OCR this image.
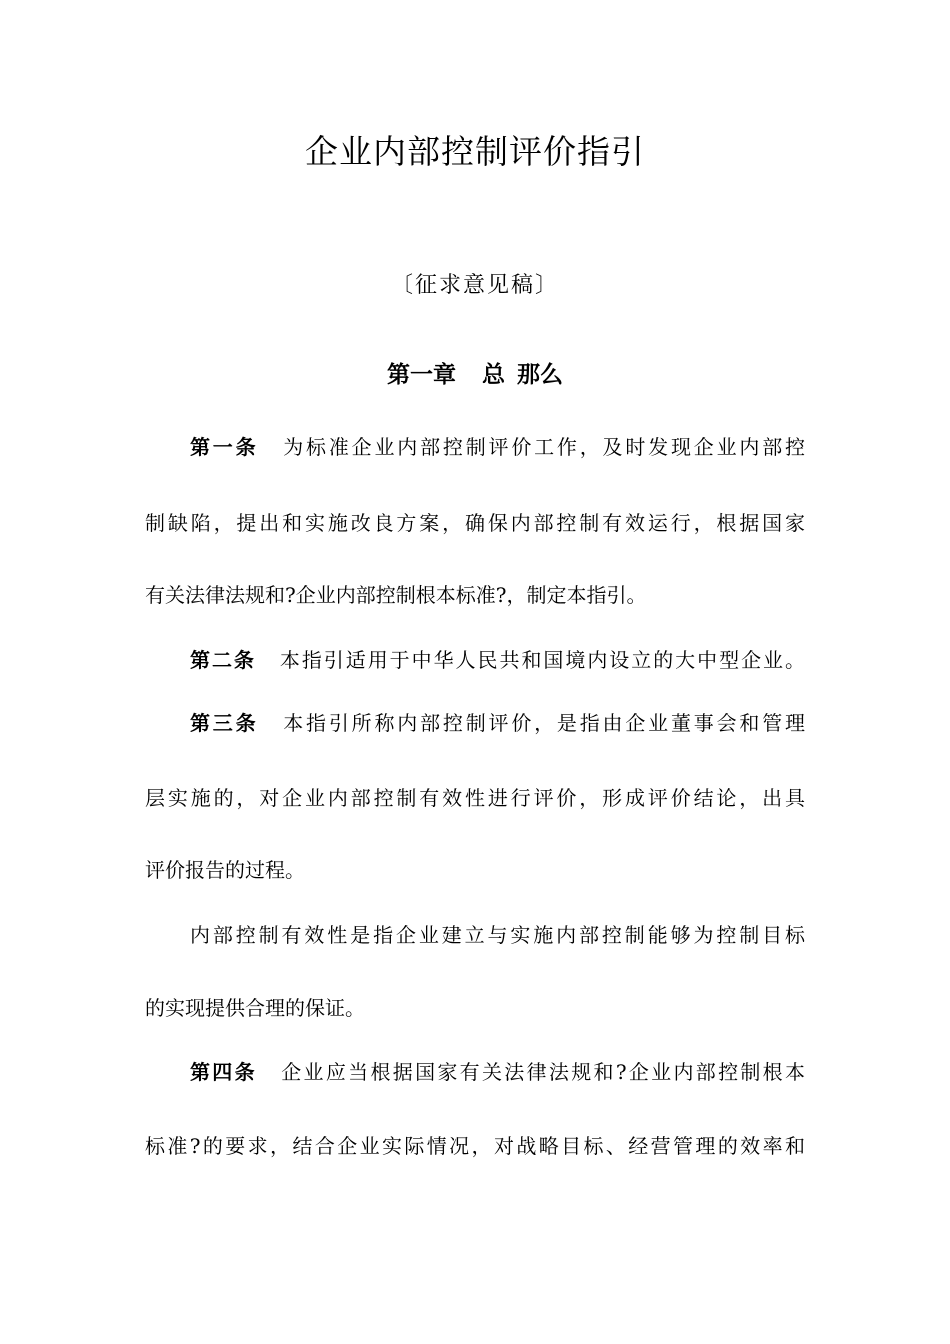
企业内部控制评价指引

〔征求意见稿〕

第一章 总 那么

第一条 为标准企业内部控制评价工作，及时发现企业内部控

制缺陷，提出和实施改良方案，确保内部控制有效运行，根据国家

有关法律法规和?企业内部控制根本标准?，制定本指引。

第二条 本指引适用于中华人民共和国境内设立的大中型企业。

第三条 本指引所称内部控制评价，是指由企业董事会和管理

层实施的，对企业内部控制有效性进行评价，形成评价结论，出具

评价报告的过程。

内部控制有效性是指企业建立与实施内部控制能够为控制目标

的实现提供合理的保证。

第四条 企业应当根据国家有关法律法规和?企业内部控制根本

标准?的要求，结合企业实际情况，对战略目标、经营管理的效率和
